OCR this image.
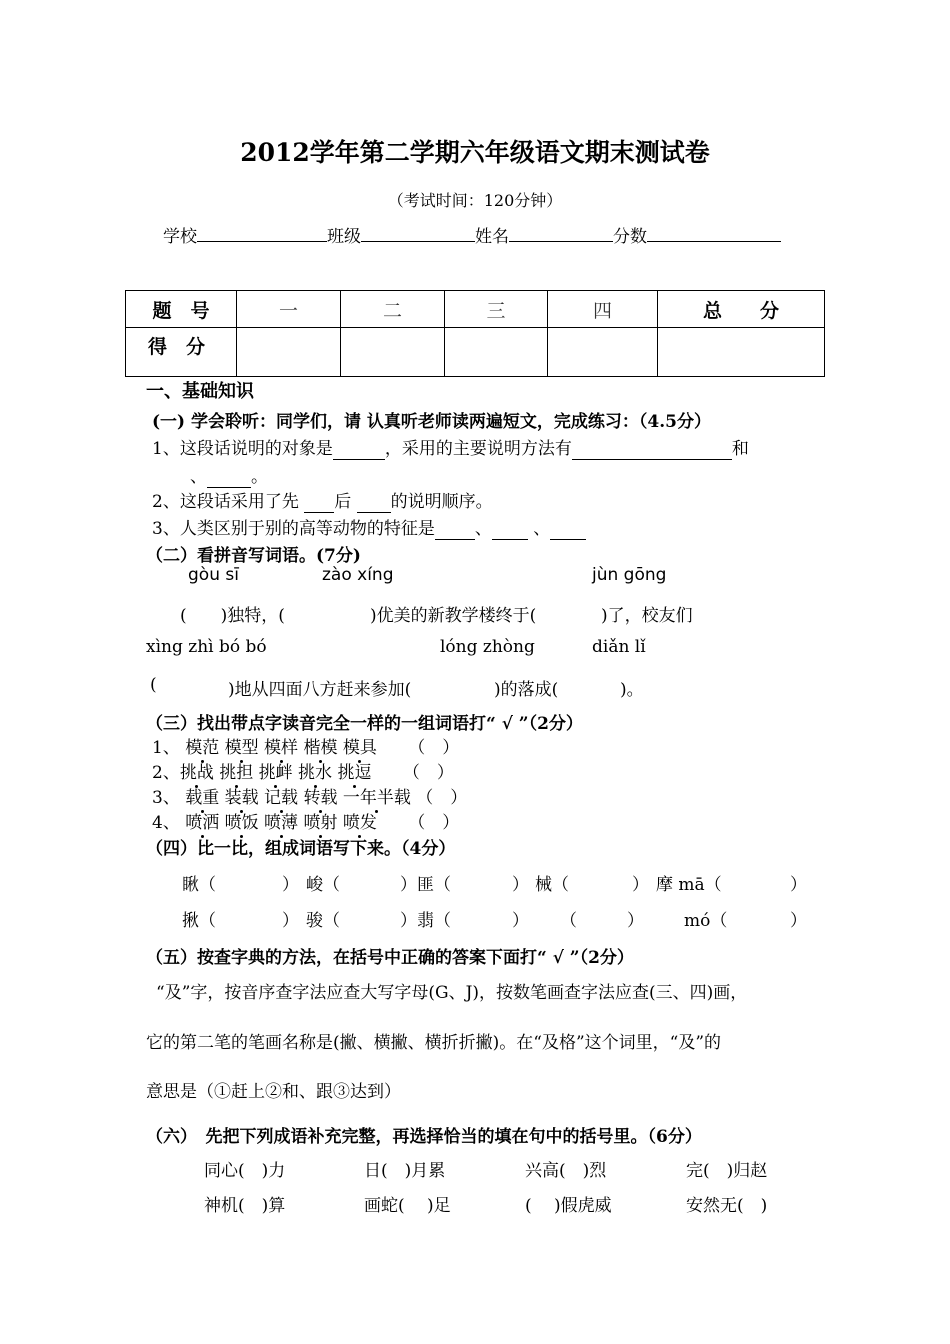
2012学年第二学期六年级语文期末测试卷
（考试时间：120分钟）
学校	班级	姓名	分数
题　号	一	二	三	四	总　　分
得　分					
一、基础知识
(一) 学会聆听：同学们，请 认真听老师读两遍短文，完成练习：（4.5分）
1、这段话说明的对象是	，采用的主要说明方法有	和
、	。
2、这段话采用了先 后 的说明顺序。
3、人类区别于别的高等动物的特征是 、 、
（二）看拼音写词语。(7分)
gòu sī	zào xíng	jùn gōng
(　　)独特，(	)优美的新教学楼终于(	)了，校友们
xìng zhì bó bó	lóng zhòng	diǎn lǐ
(	)地从四面八方赶来参加(	)的落成(	)。
（三）找出带点字读音完全一样的一组词语打“ √ ”（2分）
1、 模范 模型 模样 楷模 模具 （　）
2、挑战 挑担 挑衅 挑水 挑逗 （　）
3、 载重 装载 记载 转载 一年半载 （　）
4、 喷洒 喷饭 喷薄 喷射 喷发 （　）
（四）比一比，组成词语写下来。（4分）
瞅（	） 峻（	）匪（	） 械（	） 摩 mā（	）
揪（	） 骏（	）翡（	） （	） mó（	）
（五）按查字典的方法，在括号中正确的答案下面打“ √ ”（2分）
“及”字，按音序查字法应查大写字母(G、J)，按数笔画查字法应查(三、四)画，
它的第二笔的笔画名称是(撇、横撇、横折折撇)。在“及格”这个词里，“及”的
意思是（①赶上②和、跟③达到）
（六）　先把下列成语补充完整，再选择恰当的填在句中的括号里。（6分）
同心(　)力	日(　)月累	兴高(　)烈	完(　)归赵
神机(　)算	画蛇(　 )足	(　 )假虎威	安然无(　)
